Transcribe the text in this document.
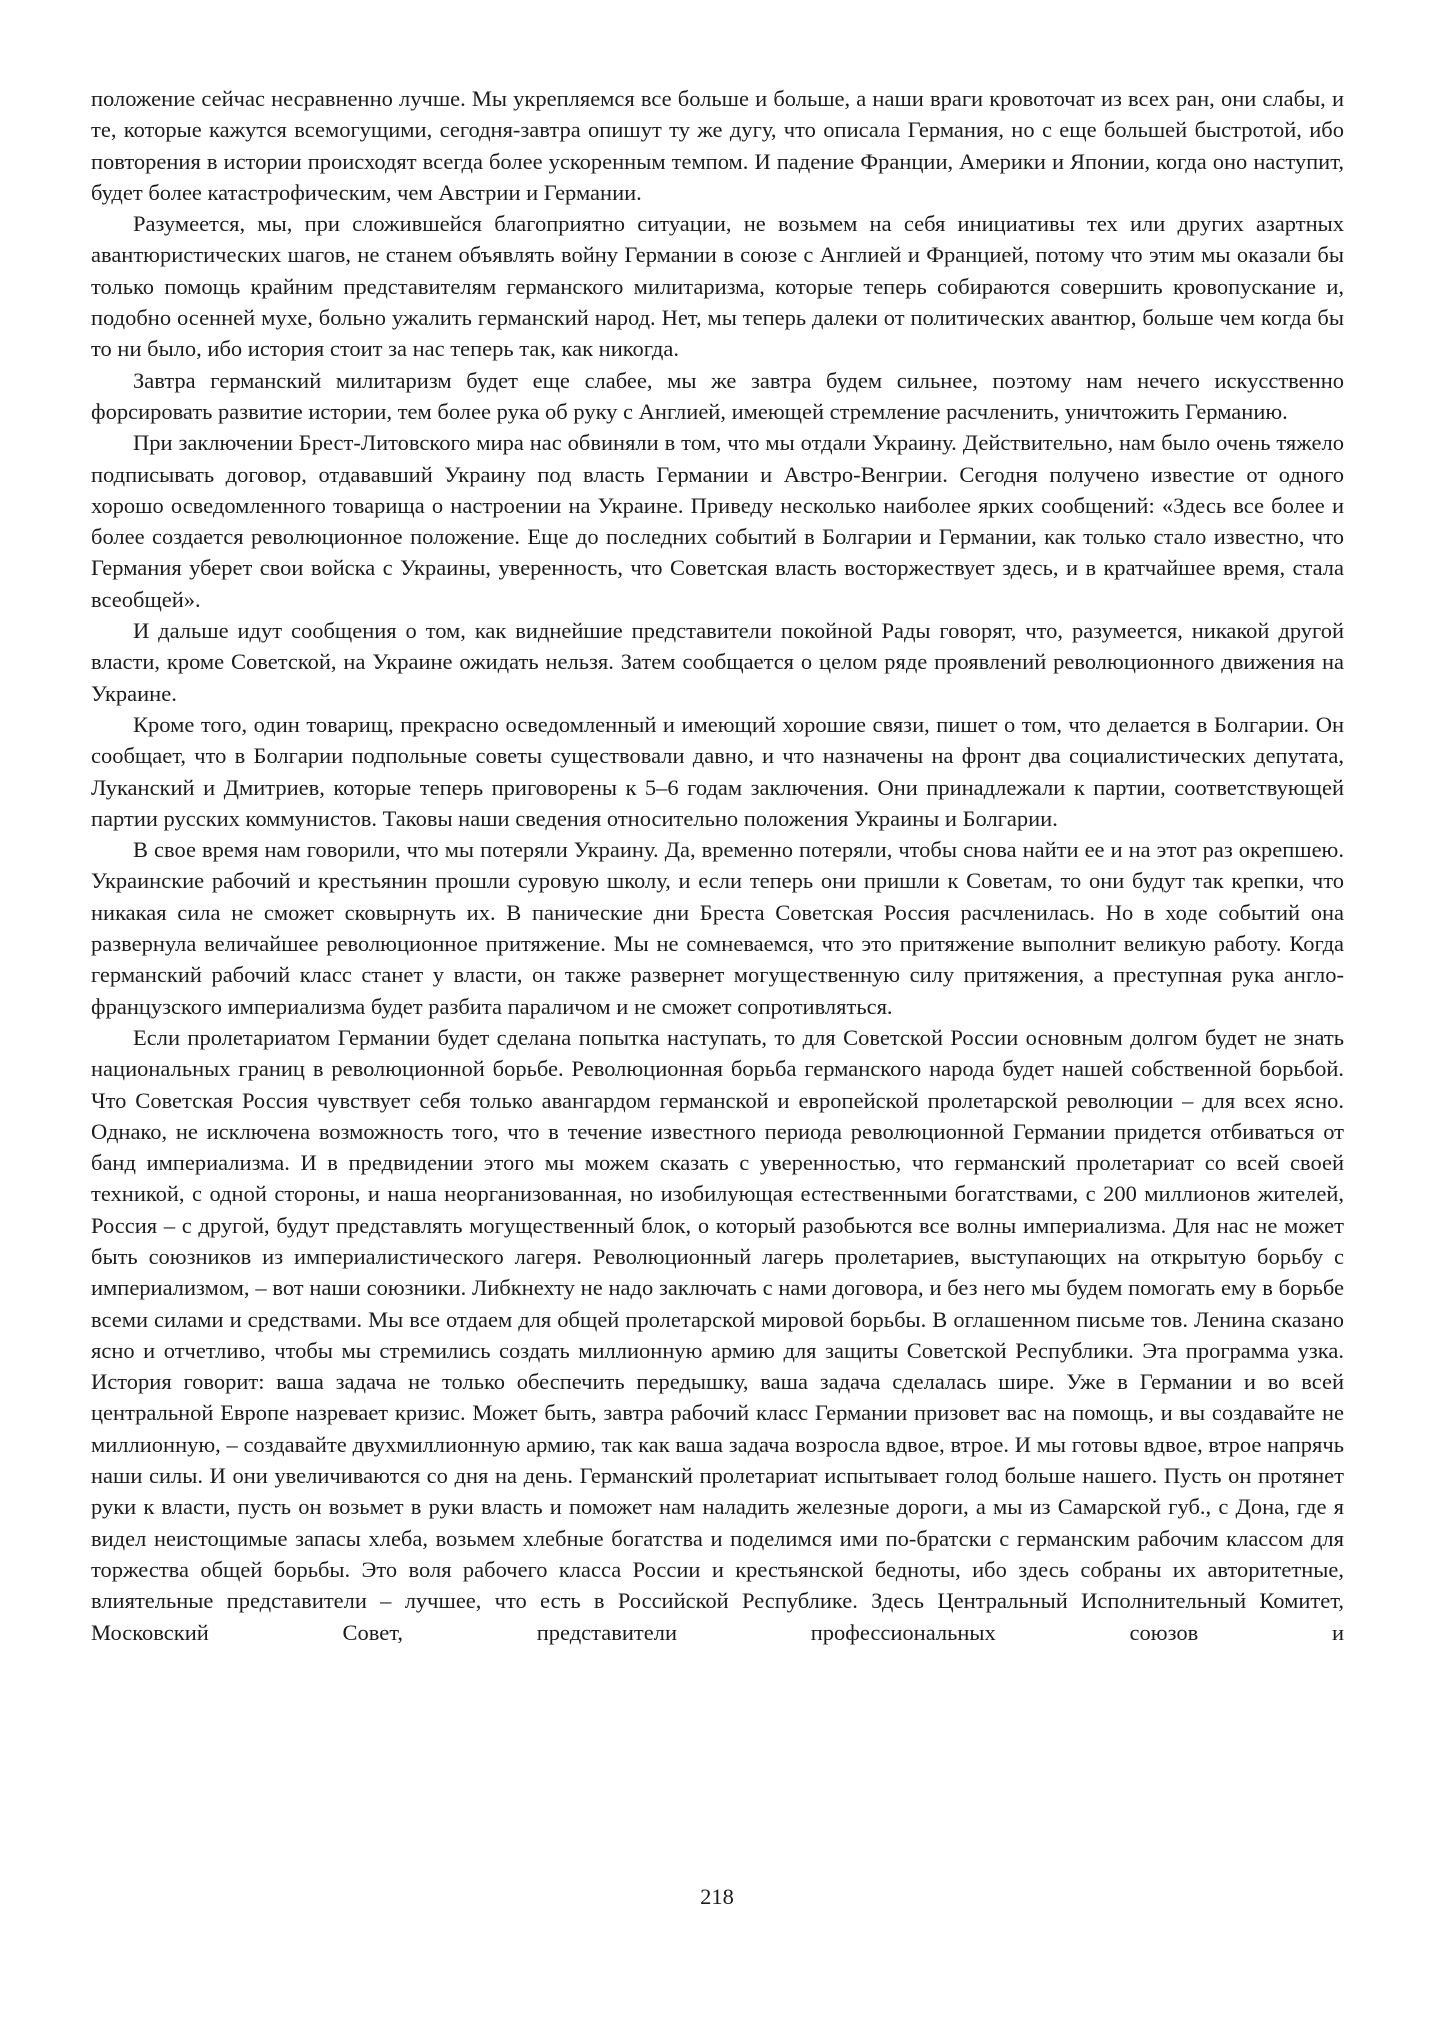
положение сейчас несравненно лучше. Мы укрепляемся все больше и больше, а наши враги кровоточат из всех ран, они слабы, и те, которые кажутся всемогущими, сегодня-завтра опишут ту же дугу, что описала Германия, но с еще большей быстротой, ибо повторения в истории происходят всегда более ускоренным темпом. И падение Франции, Америки и Японии, когда оно наступит, будет более катастрофическим, чем Австрии и Германии.

Разумеется, мы, при сложившейся благоприятно ситуации, не возьмем на себя инициативы тех или других азартных авантюристических шагов, не станем объявлять войну Германии в союзе с Англией и Францией, потому что этим мы оказали бы только помощь крайним представителям германского милитаризма, которые теперь собираются совершить кровопускание и, подобно осенней мухе, больно ужалить германский народ. Нет, мы теперь далеки от политических авантюр, больше чем когда бы то ни было, ибо история стоит за нас теперь так, как никогда.

Завтра германский милитаризм будет еще слабее, мы же завтра будем сильнее, поэтому нам нечего искусственно форсировать развитие истории, тем более рука об руку с Англией, имеющей стремление расчленить, уничтожить Германию.

При заключении Брест-Литовского мира нас обвиняли в том, что мы отдали Украину. Действительно, нам было очень тяжело подписывать договор, отдававший Украину под власть Германии и Австро-Венгрии. Сегодня получено известие от одного хорошо осведомленного товарища о настроении на Украине. Приведу несколько наиболее ярких сообщений: «Здесь все более и более создается революционное положение. Еще до последних событий в Болгарии и Германии, как только стало известно, что Германия уберет свои войска с Украины, уверенность, что Советская власть восторжествует здесь, и в кратчайшее время, стала всеобщей».

И дальше идут сообщения о том, как виднейшие представители покойной Рады говорят, что, разумеется, никакой другой власти, кроме Советской, на Украине ожидать нельзя. Затем сообщается о целом ряде проявлений революционного движения на Украине.

Кроме того, один товарищ, прекрасно осведомленный и имеющий хорошие связи, пишет о том, что делается в Болгарии. Он сообщает, что в Болгарии подпольные советы существовали давно, и что назначены на фронт два социалистических депутата, Луканский и Дмитриев, которые теперь приговорены к 5–6 годам заключения. Они принадлежали к партии, соответствующей партии русских коммунистов. Таковы наши сведения относительно положения Украины и Болгарии.

В свое время нам говорили, что мы потеряли Украину. Да, временно потеряли, чтобы снова найти ее и на этот раз окрепшею. Украинские рабочий и крестьянин прошли суровую школу, и если теперь они пришли к Советам, то они будут так крепки, что никакая сила не сможет сковырнуть их. В панические дни Бреста Советская Россия расчленилась. Но в ходе событий она развернула величайшее революционное притяжение. Мы не сомневаемся, что это притяжение выполнит великую работу. Когда германский рабочий класс станет у власти, он также развернет могущественную силу притяжения, а преступная рука англо-французского империализма будет разбита параличом и не сможет сопротивляться.

Если пролетариатом Германии будет сделана попытка наступать, то для Советской России основным долгом будет не знать национальных границ в революционной борьбе. Революционная борьба германского народа будет нашей собственной борьбой. Что Советская Россия чувствует себя только авангардом германской и европейской пролетарской революции – для всех ясно. Однако, не исключена возможность того, что в течение известного периода революционной Германии придется отбиваться от банд империализма. И в предвидении этого мы можем сказать с уверенностью, что германский пролетариат со всей своей техникой, с одной стороны, и наша неорганизованная, но изобилующая естественными богатствами, с 200 миллионов жителей, Россия – с другой, будут представлять могущественный блок, о который разобьются все волны империализма. Для нас не может быть союзников из империалистического лагеря. Революционный лагерь пролетариев, выступающих на открытую борьбу с империализмом, – вот наши союзники. Либкнехту не надо заключать с нами договора, и без него мы будем помогать ему в борьбе всеми силами и средствами. Мы все отдаем для общей пролетарской мировой борьбы. В оглашенном письме тов. Ленина сказано ясно и отчетливо, чтобы мы стремились создать миллионную армию для защиты Советской Республики. Эта программа узка. История говорит: ваша задача не только обеспечить передышку, ваша задача сделалась шире. Уже в Германии и во всей центральной Европе назревает кризис. Может быть, завтра рабочий класс Германии призовет вас на помощь, и вы создавайте не миллионную, – создавайте двухмиллионную армию, так как ваша задача возросла вдвое, втрое. И мы готовы вдвое, втрое напрячь наши силы. И они увеличиваются со дня на день. Германский пролетариат испытывает голод больше нашего. Пусть он протянет руки к власти, пусть он возьмет в руки власть и поможет нам наладить железные дороги, а мы из Самарской губ., с Дона, где я видел неистощимые запасы хлеба, возьмем хлебные богатства и поделимся ими по-братски с германским рабочим классом для торжества общей борьбы. Это воля рабочего класса России и крестьянской бедноты, ибо здесь собраны их авторитетные, влиятельные представители – лучшее, что есть в Российской Республике. Здесь Центральный Исполнительный Комитет, Московский Совет, представители профессиональных союзов и

218
